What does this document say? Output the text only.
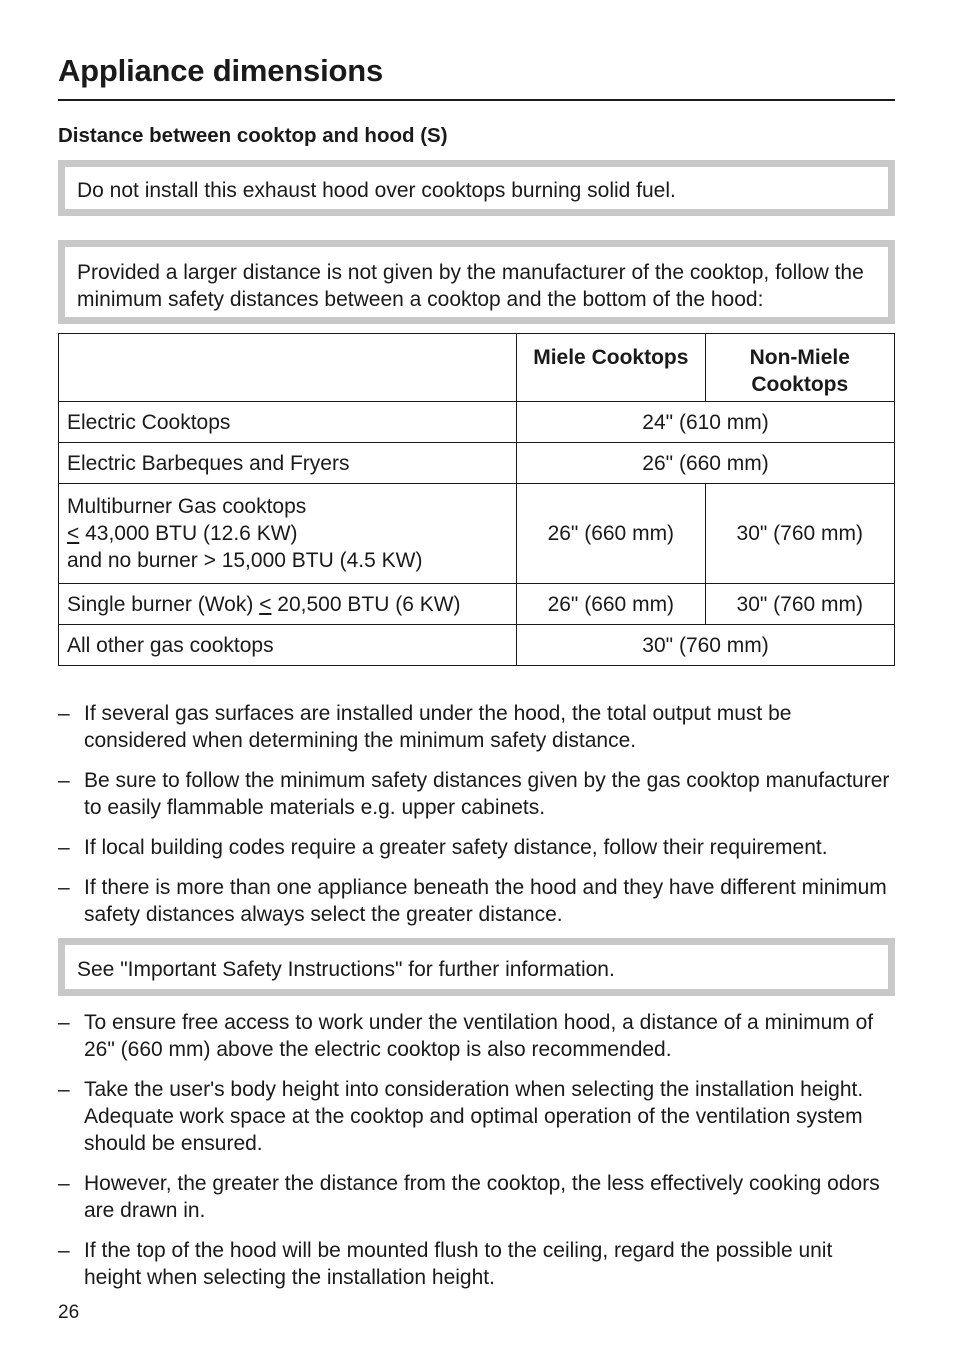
Appliance dimensions
Distance between cooktop and hood (S)
Do not install this exhaust hood over cooktops burning solid fuel.
Provided a larger distance is not given by the manufacturer of the cooktop, follow the minimum safety distances between a cooktop and the bottom of the hood:
	Miele Cooktops	Non-Miele Cooktops
Electric Cooktops	24" (610 mm)	
Electric Barbeques and Fryers	26" (660 mm)	

Multiburner Gas cooktops
≤ 43,000 BTU (12.6 KW)
and no burner > 15,000 BTU (4.5 KW)	26" (660 mm)	30" (760 mm)
Single burner (Wok) ≤ 20,500 BTU (6 KW)	26" (660 mm)	30" (760 mm)
All other gas cooktops	30" (760 mm)	
– If several gas surfaces are installed under the hood, the total output must be considered when determining the minimum safety distance.
– Be sure to follow the minimum safety distances given by the gas cooktop manufacturer to easily flammable materials e.g. upper cabinets.
– If local building codes require a greater safety distance, follow their requirement.
– If there is more than one appliance beneath the hood and they have different minimum safety distances always select the greater distance.
See "Important Safety Instructions" for further information.
– To ensure free access to work under the ventilation hood, a distance of a minimum of 26" (660 mm) above the electric cooktop is also recommended.
– Take the user's body height into consideration when selecting the installation height. Adequate work space at the cooktop and optimal operation of the ventilation system should be ensured.
– However, the greater the distance from the cooktop, the less effectively cooking odors are drawn in.
– If the top of the hood will be mounted flush to the ceiling, regard the possible unit height when selecting the installation height.
26
